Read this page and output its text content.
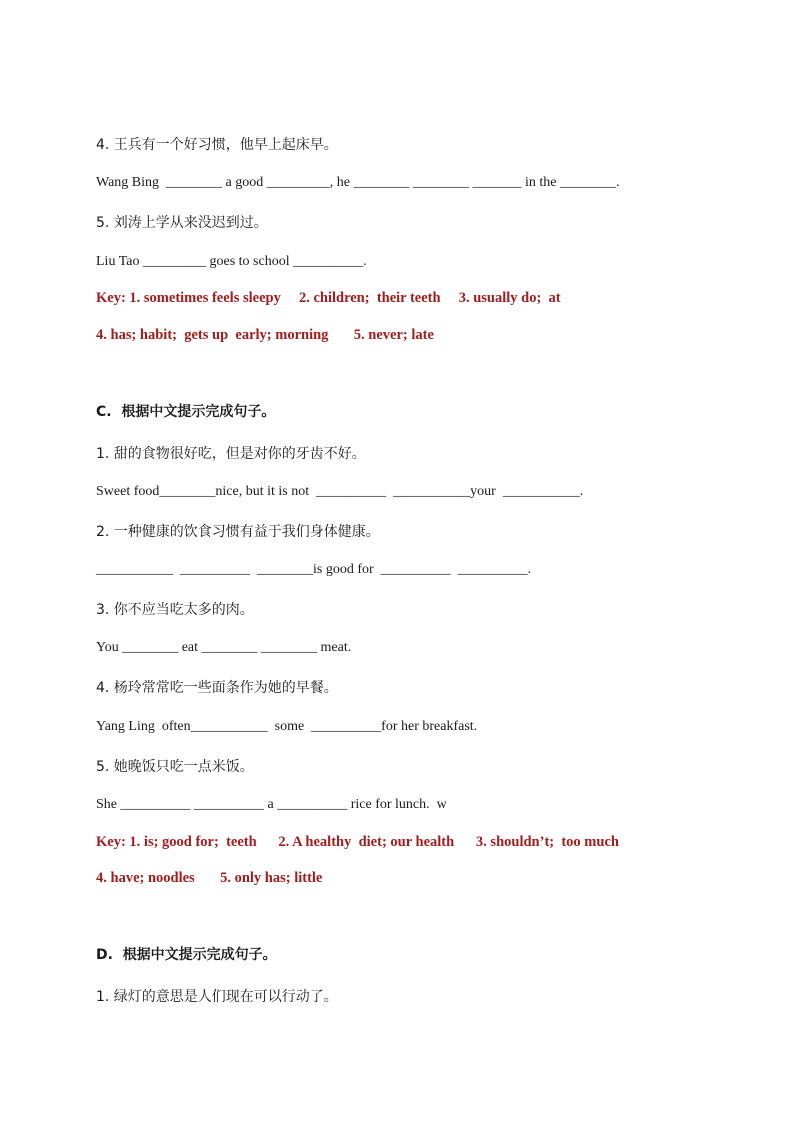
4. 王兵有一个好习惯，他早上起床早。
Wang Bing  ________ a good _________, he ________ ________ _______ in the ________.
5. 刘涛上学从来没迟到过。
Liu Tao _________ goes to school __________.
Key: 1. sometimes feels sleepy     2. children;  their teeth     3. usually do;  at
4. has; habit;  gets up  early; morning       5. never; late
C.  根据中文提示完成句子。
1. 甜的食物很好吃，但是对你的牙齿不好。
Sweet food________nice, but it is not  __________  ___________your  ___________.
2. 一种健康的饮食习惯有益于我们身体健康。
___________  __________  ________is good for  __________  __________.
3. 你不应当吃太多的肉。
You ________ eat ________ ________ meat.
4. 杨玲常常吃一些面条作为她的早餐。
Yang Ling  often___________  some  __________for her breakfast.
5. 她晚饭只吃一点米饭。
She __________ __________ a __________ rice for lunch.  w
Key: 1. is; good for;  teeth      2. A healthy  diet; our health      3. shouldn’t;  too much
4. have; noodles       5. only has; little
D.  根据中文提示完成句子。
1. 绿灯的意思是人们现在可以行动了。
